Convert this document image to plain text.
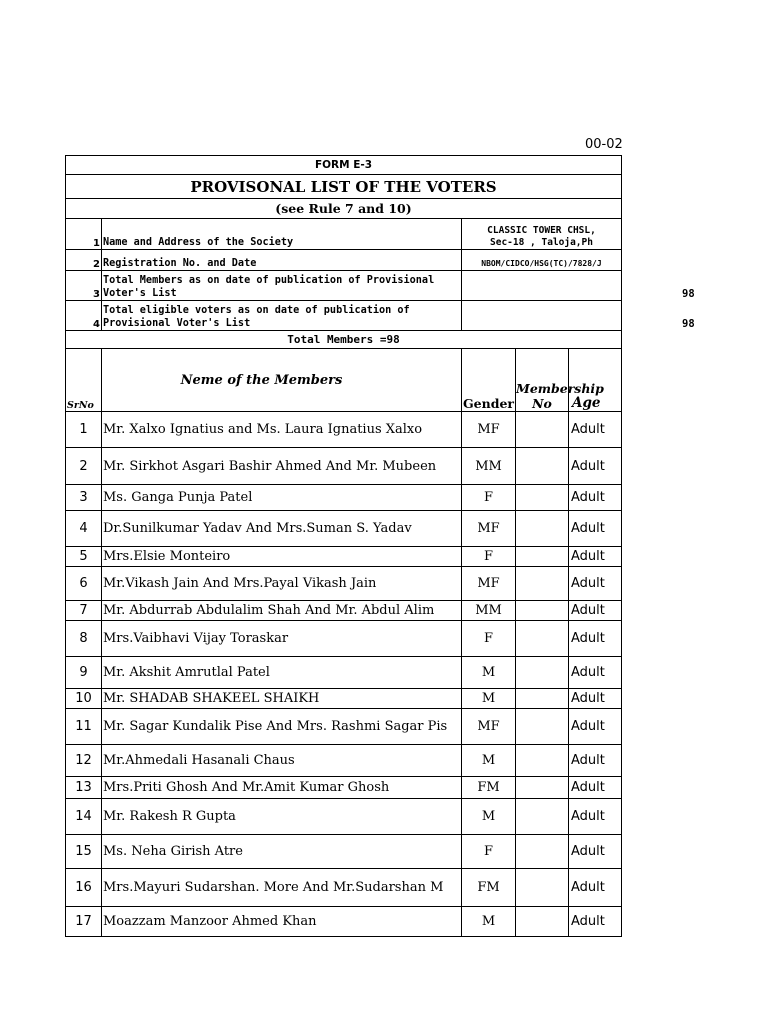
00-02
FORM E-3				
PROVISONAL LIST OF THE VOTERS				
(see Rule 7 and 10)				
1	Name and Address of the Society	CLASSIC TOWER CHSL,
Sec-18 , Taloja,Ph		

2	Registration No. and Date	NBOM/CIDCO/HSG(TC)/7828/J		
3	Total Members as on date of publication of Provisional Voter's List	98		
4	Total eligible voters as on date of publication of Provisional Voter's List	98		
Total Members =98				
SrNo	Neme of the Members	Gender	Membership No	Age
1	Mr. Xalxo Ignatius and Ms. Laura Ignatius Xalxo	MF		Adult
2	Mr. Sirkhot Asgari Bashir Ahmed And Mr. Mubeen	MM		Adult
3	Ms. Ganga Punja Patel	F		Adult
4	Dr.Sunilkumar Yadav And Mrs.Suman S. Yadav	MF		Adult
5	Mrs.Elsie Monteiro	F		Adult
6	Mr.Vikash Jain And Mrs.Payal Vikash Jain	MF		Adult
7	Mr. Abdurrab Abdulalim Shah And Mr. Abdul Alim	MM		Adult
8	Mrs.Vaibhavi Vijay Toraskar	F		Adult
9	Mr. Akshit Amrutlal Patel	M		Adult
10	Mr. SHADAB SHAKEEL SHAIKH	M		Adult
11	Mr. Sagar Kundalik Pise And Mrs. Rashmi Sagar Pis	MF		Adult
12	Mr.Ahmedali Hasanali Chaus	M		Adult
13	Mrs.Priti Ghosh And Mr.Amit Kumar Ghosh	FM		Adult
14	Mr. Rakesh R Gupta	M		Adult
15	Ms. Neha Girish Atre	F		Adult
16	Mrs.Mayuri Sudarshan. More And Mr.Sudarshan M	FM		Adult
17	Moazzam Manzoor Ahmed Khan	M		Adult
